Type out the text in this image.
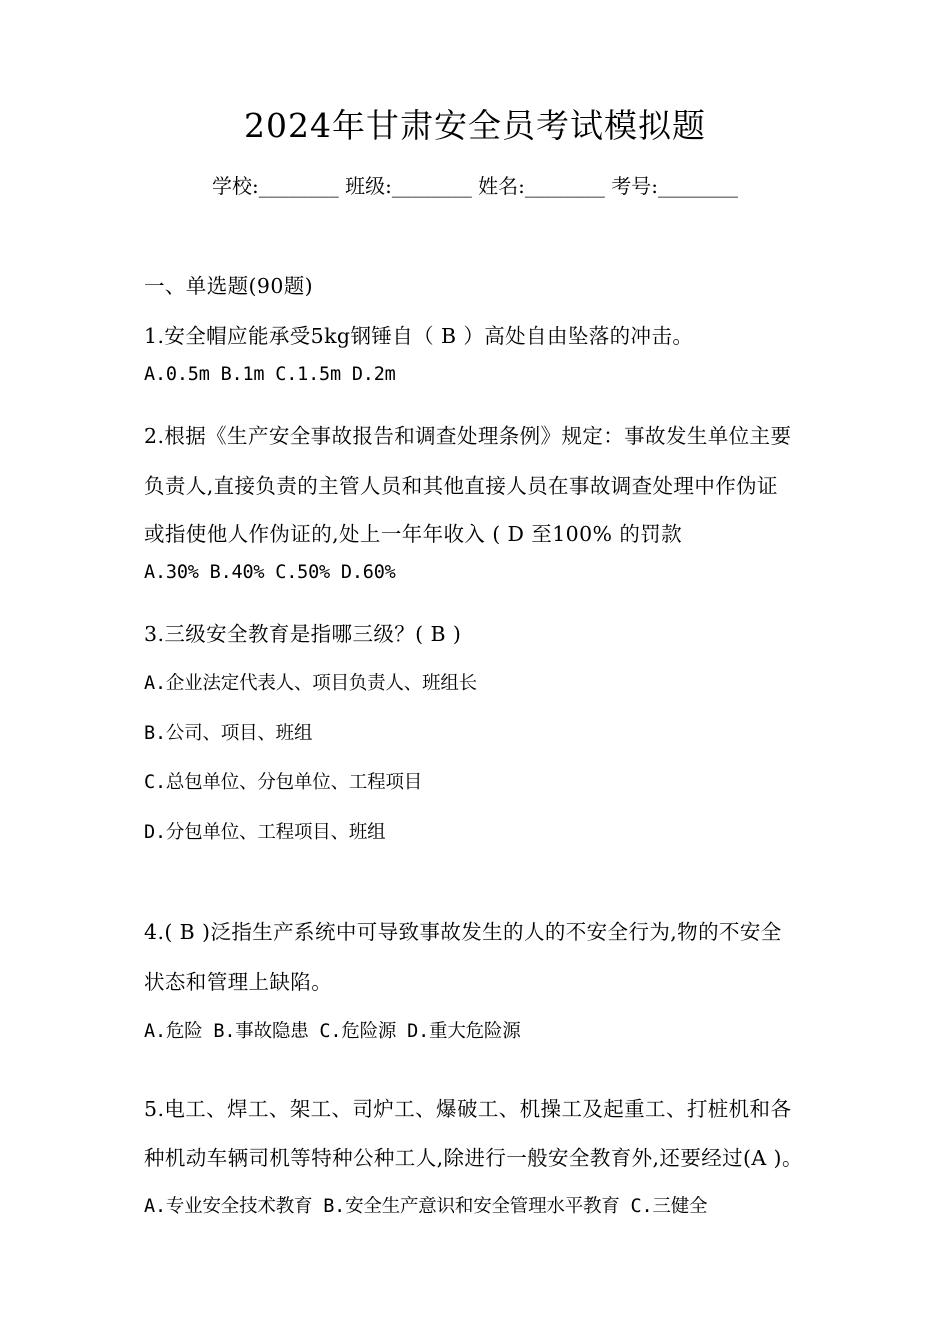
2024年甘肃安全员考试模拟题
学校:________ 班级:________ 姓名:________ 考号:________
一、单选题(90题)
1.安全帽应能承受5kg钢锤自（ B ）高处自由坠落的冲击。
A.0.5m B.1m C.1.5m D.2m
2.根据《生产安全事故报告和调查处理条例》规定：事故发生单位主要
负责人,直接负责的主管人员和其他直接人员在事故调查处理中作伪证
或指使他人作伪证的,处上一年年收入 ( D 至100% 的罚款
A.30% B.40% C.50% D.60%
3.三级安全教育是指哪三级？( B )
A.企业法定代表人、项目负责人、班组长
B.公司、项目、班组
C.总包单位、分包单位、工程项目
D.分包单位、工程项目、班组
4.( B )泛指生产系统中可导致事故发生的人的不安全行为,物的不安全
状态和管理上缺陷。
A.危险 B.事故隐患 C.危险源 D.重大危险源
5.电工、焊工、架工、司炉工、爆破工、机操工及起重工、打桩机和各
种机动车辆司机等特种公种工人,除进行一般安全教育外,还要经过(A )。
A.专业安全技术教育 B.安全生产意识和安全管理水平教育 C.三健全
